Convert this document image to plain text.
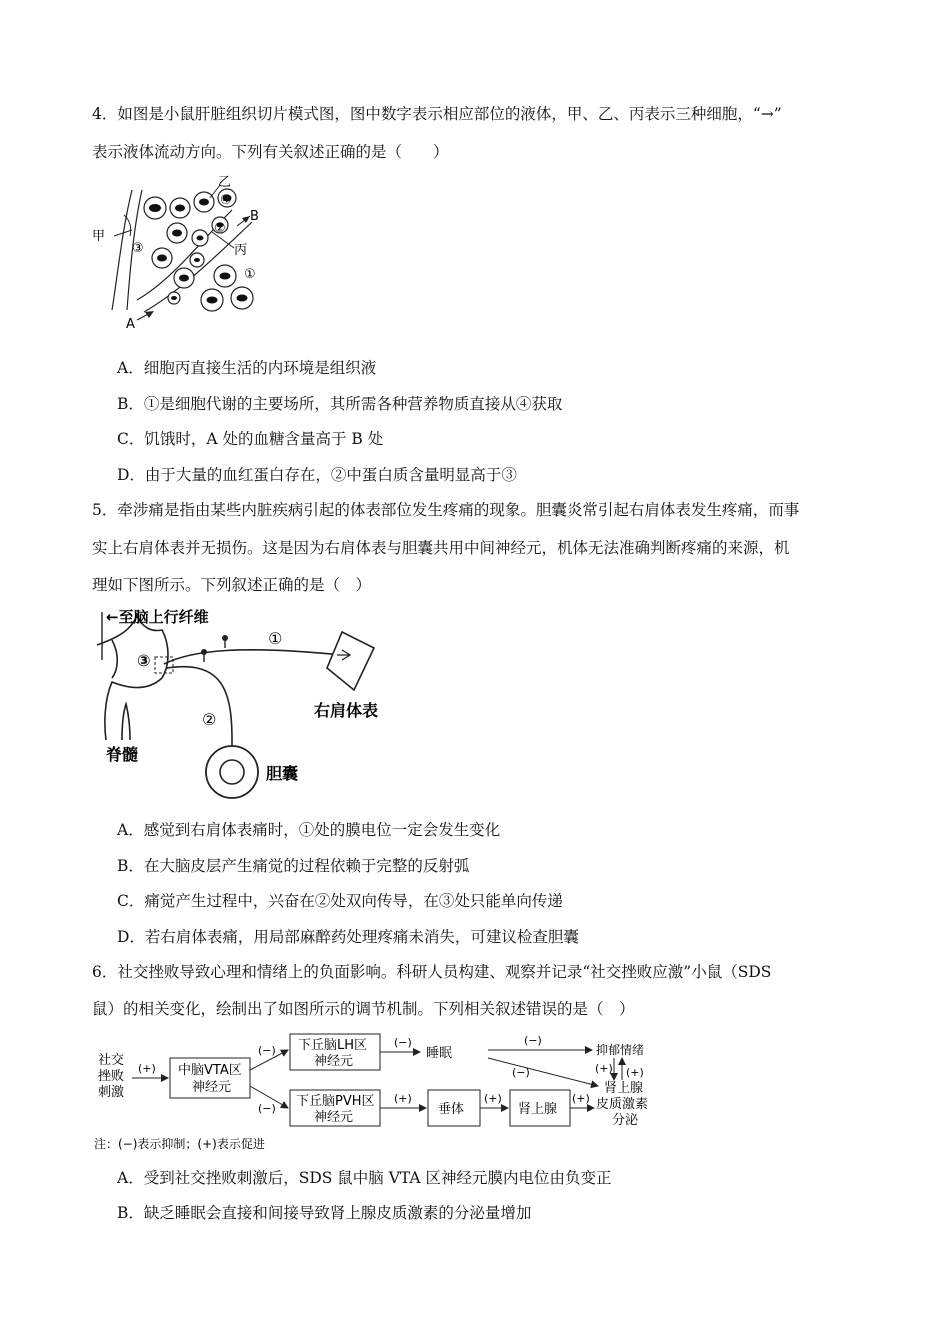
4．如图是小鼠肝脏组织切片模式图，图中数字表示相应部位的液体，甲、乙、丙表示三种细胞，“→”
表示液体流动方向。下列有关叙述正确的是（　　）
甲
乙
丙
A
B
①
②
③
④
A．细胞丙直接生活的内环境是组织液
B．①是细胞代谢的主要场所，其所需各种营养物质直接从④获取
C．饥饿时，A 处的血糖含量高于 B 处
D．由于大量的血红蛋白存在，②中蛋白质含量明显高于③
5．牵涉痛是指由某些内脏疾病引起的体表部位发生疼痛的现象。胆囊炎常引起右肩体表发生疼痛，而事
实上右肩体表并无损伤。这是因为右肩体表与胆囊共用中间神经元，机体无法准确判断疼痛的来源，机
理如下图所示。下列叙述正确的是（　）
←至脑上行纤维
①
②
③
右肩体表
脊髓
胆囊
A．感觉到右肩体表痛时，①处的膜电位一定会发生变化
B．在大脑皮层产生痛觉的过程依赖于完整的反射弧
C．痛觉产生过程中，兴奋在②处双向传导，在③处只能单向传递
D．若右肩体表痛，用局部麻醉药处理疼痛未消失，可建议检查胆囊
6．社交挫败导致心理和情绪上的负面影响。科研人员构建、观察并记录“社交挫败应激”小鼠（SDS
鼠）的相关变化，绘制出了如图所示的调节机制。下列相关叙述错误的是（　）
社交
挫败
刺激
(+) 中脑VTA区
神经元
(−)
(−)
下丘脑LH区
神经元
下丘脑PVH区
神经元
(−)
睡眠
(−)
抑郁情绪
(−)	(+) (+)
(+)
垂体
(+)
肾上腺
(+)
肾上腺
皮质激素
分泌
注：(−)表示抑制；(+)表示促进
A．受到社交挫败刺激后，SDS 鼠中脑 VTA 区神经元膜内电位由负变正
B．缺乏睡眠会直接和间接导致肾上腺皮质激素的分泌量增加
